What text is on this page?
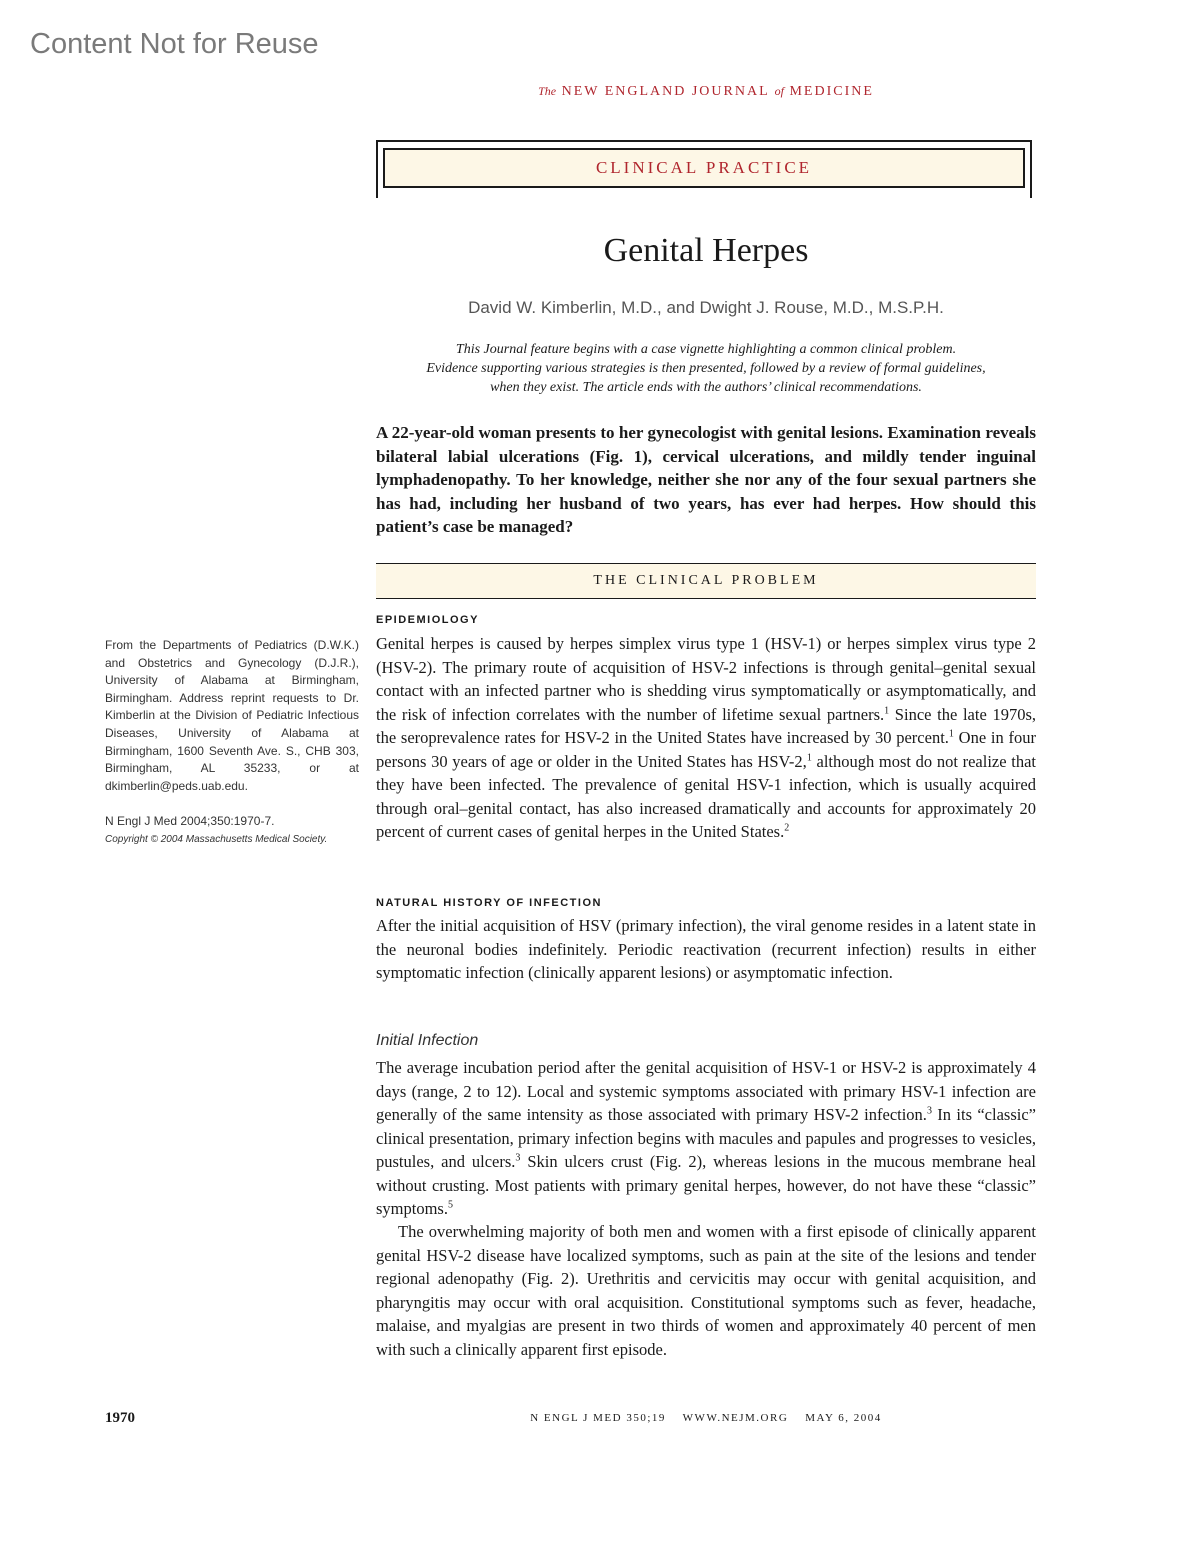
Content Not for Reuse
The NEW ENGLAND JOURNAL of MEDICINE
CLINICAL PRACTICE
Genital Herpes
David W. Kimberlin, M.D., and Dwight J. Rouse, M.D., M.S.P.H.
This Journal feature begins with a case vignette highlighting a common clinical problem.
Evidence supporting various strategies is then presented, followed by a review of formal guidelines,
when they exist. The article ends with the authors’ clinical recommendations.
A 22-year-old woman presents to her gynecologist with genital lesions. Examination reveals bilateral labial ulcerations (Fig. 1), cervical ulcerations, and mildly tender inguinal lymphadenopathy. To her knowledge, neither she nor any of the four sexual partners she has had, including her husband of two years, has ever had herpes. How should this patient’s case be managed?
THE CLINICAL PROBLEM
EPIDEMIOLOGY

Genital herpes is caused by herpes simplex virus type 1 (HSV-1) or herpes simplex virus type 2 (HSV-2). The primary route of acquisition of HSV-2 infections is through genital–genital sexual contact with an infected partner who is shedding virus symptomatically or asymptomatically, and the risk of infection correlates with the number of lifetime sexual partners.$^1$ Since the late 1970s, the seroprevalence rates for HSV-2 in the United States have increased by 30 percent.$^1$ One in four persons 30 years of age or older in the United States has HSV-2,$^1$ although most do not realize that they have been infected. The prevalence of genital HSV-1 infection, which is usually acquired through oral–genital contact, has also increased dramatically and accounts for approximately 20 percent of current cases of genital herpes in the United States.$^2$

NATURAL HISTORY OF INFECTION

After the initial acquisition of HSV (primary infection), the viral genome resides in a latent state in the neuronal bodies indefinitely. Periodic reactivation (recurrent infection) results in either symptomatic infection (clinically apparent lesions) or asymptomatic infection.

Initial Infection

The average incubation period after the genital acquisition of HSV-1 or HSV-2 is approximately 4 days (range, 2 to 12). Local and systemic symptoms associated with primary HSV-1 infection are generally of the same intensity as those associated with primary HSV-2 infection.$^3$ In its “classic” clinical presentation, primary infection begins with macules and papules and progresses to vesicles, pustules, and ulcers.$^3$ Skin ulcers crust (Fig. 2), whereas lesions in the mucous membrane heal without crusting. Most patients with primary genital herpes, however, do not have these “classic” symptoms.$^5$

The overwhelming majority of both men and women with a first episode of clinically apparent genital HSV-2 disease have localized symptoms, such as pain at the site of the lesions and tender regional adenopathy (Fig. 2). Urethritis and cervicitis may occur with genital acquisition, and pharyngitis may occur with oral acquisition. Constitutional symptoms such as fever, headache, malaise, and myalgias are present in two thirds of women and approximately 40 percent of men with such a clinically apparent first episode.

From the Departments of Pediatrics (D.W.K.) and Obstetrics and Gynecology (D.J.R.), University of Alabama at Birmingham, Birmingham. Address reprint requests to Dr. Kimberlin at the Division of Pediatric Infectious Diseases, University of Alabama at Birmingham, 1600 Seventh Ave. S., CHB 303, Birmingham, AL 35233, or at dkimberlin@peds.uab.edu.
N Engl J Med 2004;350:1970-7.
Copyright © 2004 Massachusetts Medical Society.
1970	N ENGL J MED 350;19    WWW.NEJM.ORG    MAY 6, 2004
